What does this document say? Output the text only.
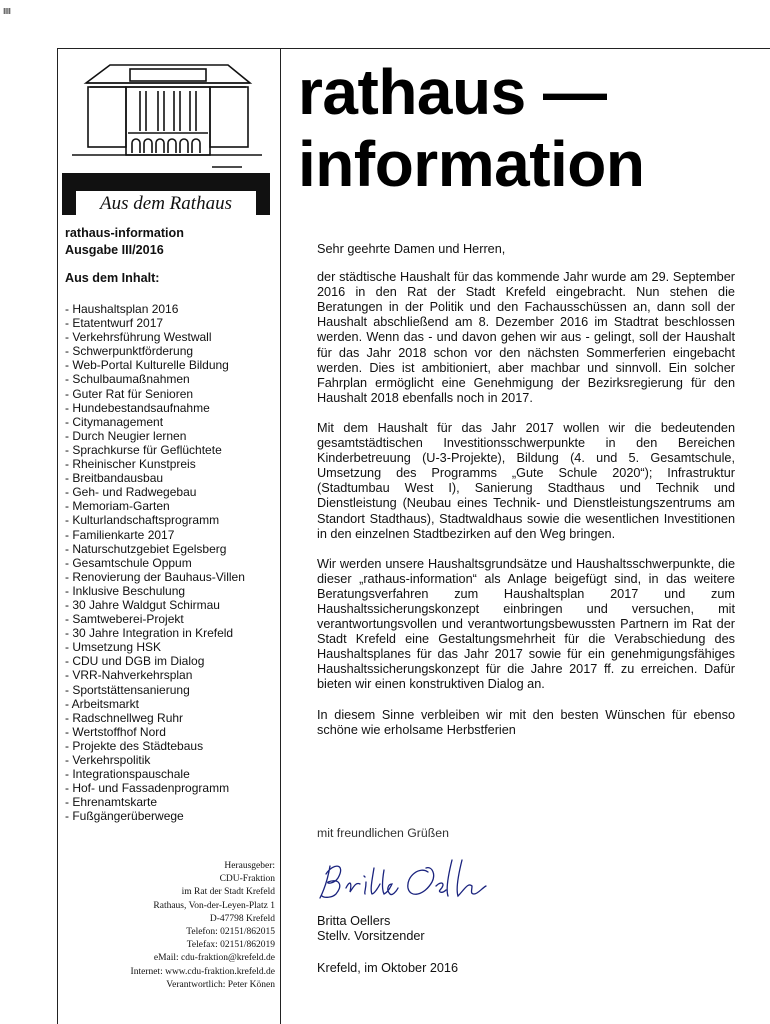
IIII
Aus dem Rathaus
rathaus-information
Ausgabe III/2016
Aus dem Inhalt:
- Haushaltsplan 2016
- Etatentwurf 2017
- Verkehrsführung Westwall
- Schwerpunktförderung
- Web-Portal Kulturelle Bildung
- Schulbaumaßnahmen
- Guter Rat für Senioren
- Hundebestandsaufnahme
- Citymanagement
- Durch Neugier lernen
- Sprachkurse für Geflüchtete
- Rheinischer Kunstpreis
- Breitbandausbau
- Geh- und Radwegebau
- Memoriam-Garten
- Kulturlandschaftsprogramm
- Familienkarte 2017
- Naturschutzgebiet Egelsberg
- Gesamtschule Oppum
- Renovierung der Bauhaus-Villen
- Inklusive Beschulung
- 30 Jahre Waldgut Schirmau
- Samtweberei-Projekt
- 30 Jahre Integration in Krefeld
- Umsetzung HSK
- CDU und DGB im Dialog
- VRR-Nahverkehrsplan
- Sportstättensanierung
- Arbeitsmarkt
- Radschnellweg Ruhr
- Wertstoffhof Nord
- Projekte des Städtebaus
- Verkehrspolitik
- Integrationspauschale
- Hof- und Fassadenprogramm
- Ehrenamtskarte
- Fußgängerüberwege
Herausgeber:
CDU-Fraktion
im Rat der Stadt Krefeld
Rathaus, Von-der-Leyen-Platz 1
D-47798 Krefeld
Telefon: 02151/862015
Telefax: 02151/862019
eMail: cdu-fraktion@krefeld.de
Internet: www.cdu-fraktion.krefeld.de
Verantwortlich: Peter Könen
rathaus —
information

Sehr geehrte Damen und Herren,

der städtische Haushalt für das kommende Jahr wurde am 29. September 2016 in den Rat der Stadt Krefeld eingebracht. Nun stehen die Beratungen in der Politik und den Fachausschüssen an, dann soll der Haushalt abschließend am 8. Dezember 2016 im Stadtrat beschlossen werden. Wenn das - und davon gehen wir aus - gelingt, soll der Haushalt für das Jahr 2018 schon vor den nächsten Sommerferien eingebacht werden. Dies ist ambitioniert, aber machbar und sinnvoll. Ein solcher Fahrplan ermöglicht eine Genehmigung der Bezirksregierung für den Haushalt 2018 ebenfalls noch in 2017.

Mit dem Haushalt für das Jahr 2017 wollen wir die bedeutenden gesamtstädtischen Investitionsschwerpunkte in den Bereichen Kinderbetreuung (U-3-Projekte), Bildung (4. und 5. Gesamtschule, Umsetzung des Programms „Gute Schule 2020“); Infrastruktur (Stadtumbau West I), Sanierung Stadthaus und Technik und Dienstleistung (Neubau eines Technik- und Dienstleistungszentrums am Standort Stadthaus), Stadtwaldhaus sowie die wesentlichen Investitionen in den einzelnen Stadtbezirken auf den Weg bringen.

Wir werden unsere Haushaltsgrundsätze und Haushaltsschwerpunkte, die dieser „rathaus-information“ als Anlage beigefügt sind, in das weitere Beratungsverfahren zum Haushaltsplan 2017 und zum Haushaltssicherungskonzept einbringen und versuchen, mit verantwortungsvollen und verantwortungsbewussten Partnern im Rat der Stadt Krefeld eine Gestaltungsmehrheit für die Verabschiedung des Haushaltsplanes für das Jahr 2017 sowie für ein genehmigungsfähiges Haushaltssicherungskonzept für die Jahre 2017 ff. zu erreichen. Dafür bieten wir einen konstruktiven Dialog an.

In diesem Sinne verbleiben wir mit den besten Wünschen für ebenso schöne wie erholsame Herbstferien

mit freundlichen Grüßen
Britta Oellers
Stellv. Vorsitzender
Krefeld, im Oktober 2016
